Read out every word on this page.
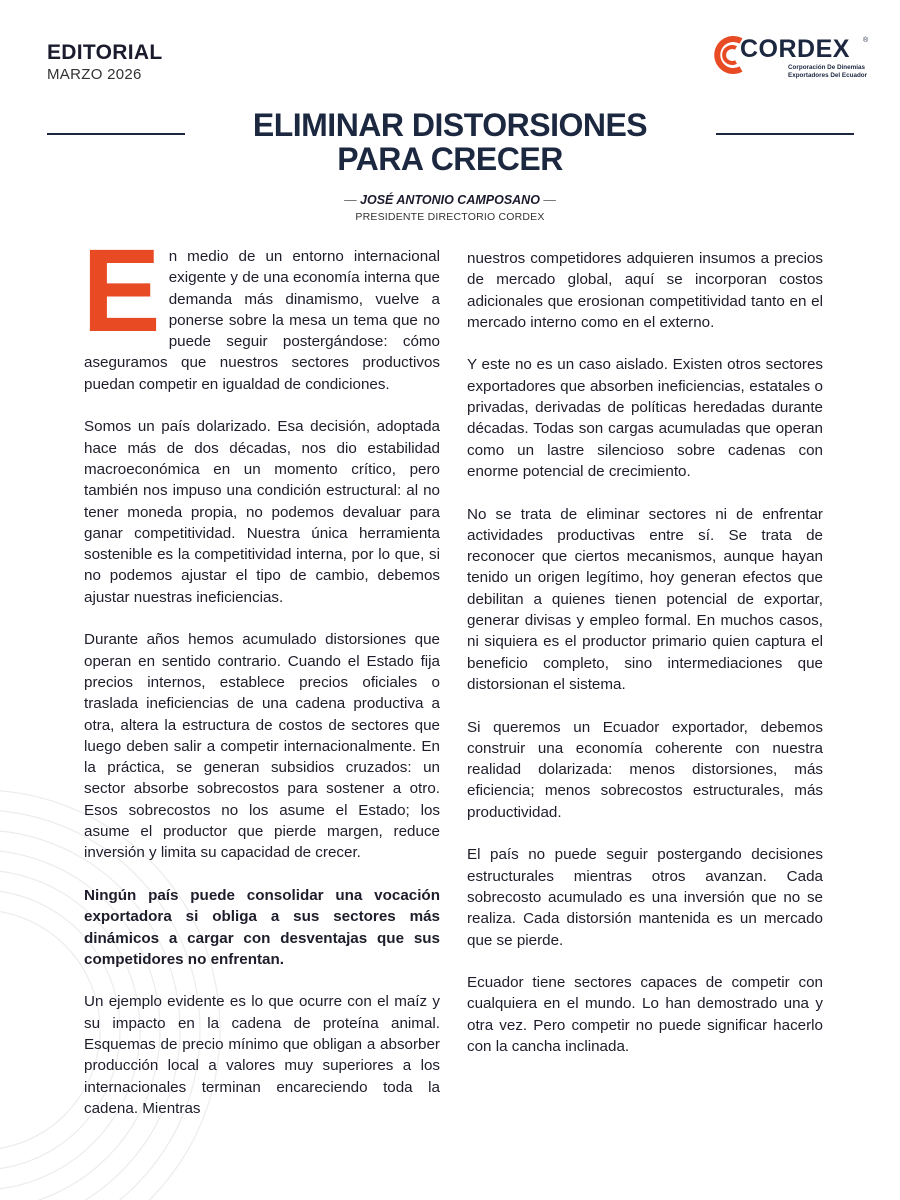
EDITORIAL
MARZO 2026
CORDEX ®
Corporación De Dinemias
Exportadores Del Ecuador
ELIMINAR DISTORSIONES
PARA CRECER
— JOSÉ ANTONIO CAMPOSANO —
PRESIDENTE DIRECTORIO CORDEX

En medio de un entorno internacional exigente y de una economía interna que demanda más dinamismo, vuelve a ponerse sobre la mesa un tema que no puede seguir postergándose: cómo aseguramos que nuestros sectores productivos puedan competir en igualdad de condiciones.

Somos un país dolarizado. Esa decisión, adoptada hace más de dos décadas, nos dio estabilidad macroeconómica en un momento crítico, pero también nos impuso una condición estructural: al no tener moneda propia, no podemos devaluar para ganar competitividad. Nuestra única herramienta sostenible es la competitividad interna, por lo que, si no podemos ajustar el tipo de cambio, debemos ajustar nuestras ineficiencias.

Durante años hemos acumulado distorsiones que operan en sentido contrario. Cuando el Estado fija precios internos, establece precios oficiales o traslada ineficiencias de una cadena productiva a otra, altera la estructura de costos de sectores que luego deben salir a competir internacionalmente. En la práctica, se generan subsidios cruzados: un sector absorbe sobrecostos para sostener a otro. Esos sobrecostos no los asume el Estado; los asume el productor que pierde margen, reduce inversión y limita su capacidad de crecer.

Ningún país puede consolidar una vocación exportadora si obliga a sus sectores más dinámicos a cargar con desventajas que sus competidores no enfrentan.

Un ejemplo evidente es lo que ocurre con el maíz y su impacto en la cadena de proteína animal. Esquemas de precio mínimo que obligan a absorber producción local a valores muy superiores a los internacionales terminan encareciendo toda la cadena. Mientras

nuestros competidores adquieren insumos a precios de mercado global, aquí se incorporan costos adicionales que erosionan competitividad tanto en el mercado interno como en el externo.

Y este no es un caso aislado. Existen otros sectores exportadores que absorben ineficiencias, estatales o privadas, derivadas de políticas heredadas durante décadas. Todas son cargas acumuladas que operan como un lastre silencioso sobre cadenas con enorme potencial de crecimiento.

No se trata de eliminar sectores ni de enfrentar actividades productivas entre sí. Se trata de reconocer que ciertos mecanismos, aunque hayan tenido un origen legítimo, hoy generan efectos que debilitan a quienes tienen potencial de exportar, generar divisas y empleo formal. En muchos casos, ni siquiera es el productor primario quien captura el beneficio completo, sino intermediaciones que distorsionan el sistema.

Si queremos un Ecuador exportador, debemos construir una economía coherente con nuestra realidad dolarizada: menos distorsiones, más eficiencia; menos sobrecostos estructurales, más productividad.

El país no puede seguir postergando decisiones estructurales mientras otros avanzan. Cada sobrecosto acumulado es una inversión que no se realiza. Cada distorsión mantenida es un mercado que se pierde.

Ecuador tiene sectores capaces de competir con cualquiera en el mundo. Lo han demostrado una y otra vez. Pero competir no puede significar hacerlo con la cancha inclinada.
